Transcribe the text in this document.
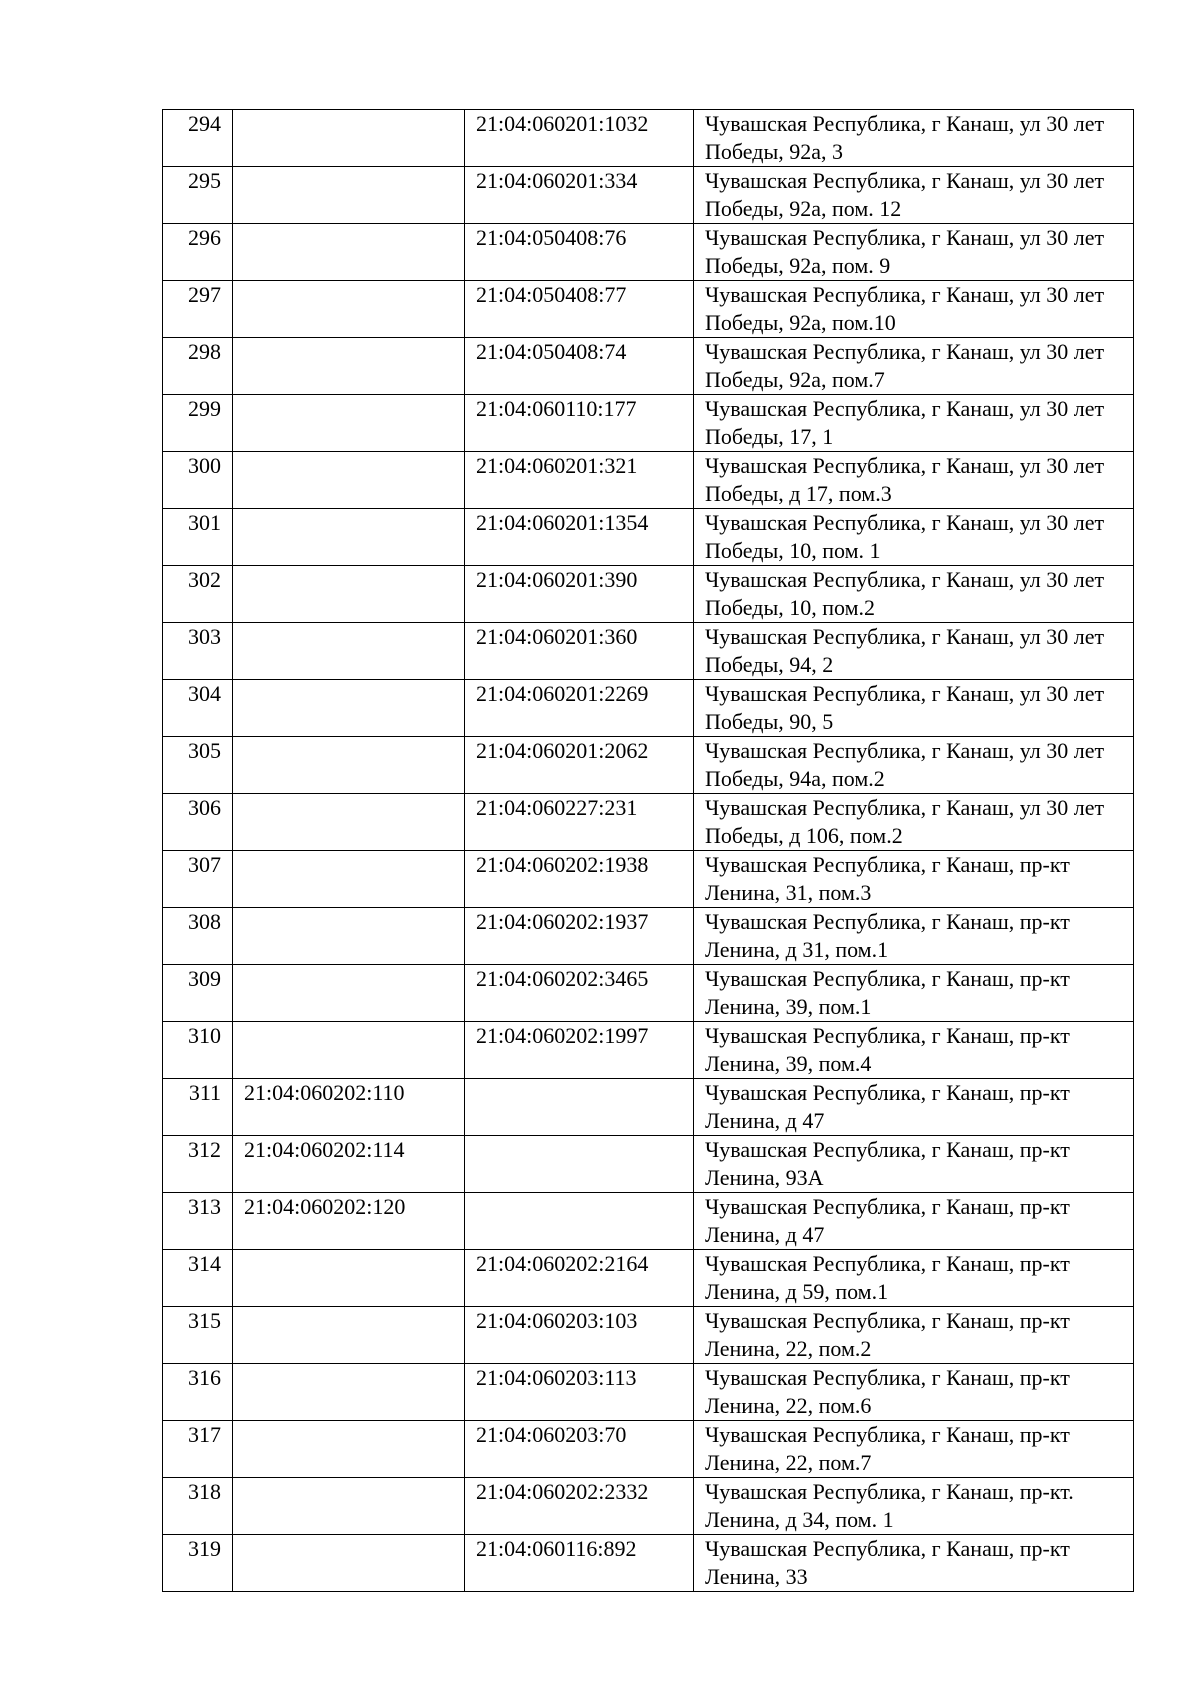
294		21:04:060201:1032	Чувашская Республика, г Канаш, ул 30 лет Победы, 92а, 3

295		21:04:060201:334	Чувашская Республика, г Канаш, ул 30 лет Победы, 92а, пом. 12

296		21:04:050408:76	Чувашская Республика, г Канаш, ул 30 лет Победы, 92а, пом. 9

297		21:04:050408:77	Чувашская Республика, г Канаш, ул 30 лет Победы, 92а, пом.10

298		21:04:050408:74	Чувашская Республика, г Канаш, ул 30 лет Победы, 92а, пом.7

299		21:04:060110:177	Чувашская Республика, г Канаш, ул 30 лет Победы, 17, 1

300		21:04:060201:321	Чувашская Республика, г Канаш, ул 30 лет Победы, д 17, пом.3

301		21:04:060201:1354	Чувашская Республика, г Канаш, ул 30 лет Победы, 10, пом. 1

302		21:04:060201:390	Чувашская Республика, г Канаш, ул 30 лет Победы, 10, пом.2

303		21:04:060201:360	Чувашская Республика, г Канаш, ул 30 лет Победы, 94, 2

304		21:04:060201:2269	Чувашская Республика, г Канаш, ул 30 лет Победы, 90, 5

305		21:04:060201:2062	Чувашская Республика, г Канаш, ул 30 лет Победы, 94а, пом.2

306		21:04:060227:231	Чувашская Республика, г Канаш, ул 30 лет Победы, д 106, пом.2

307		21:04:060202:1938	Чувашская Республика, г Канаш, пр-кт Ленина, 31, пом.3

308		21:04:060202:1937	Чувашская Республика, г Канаш, пр-кт Ленина, д 31, пом.1

309		21:04:060202:3465	Чувашская Республика, г Канаш, пр-кт Ленина, 39, пом.1

310		21:04:060202:1997	Чувашская Республика, г Канаш, пр-кт Ленина, 39, пом.4

311	21:04:060202:110		Чувашская Республика, г Канаш, пр-кт Ленина, д 47

312	21:04:060202:114		Чувашская Республика, г Канаш, пр-кт Ленина, 93А

313	21:04:060202:120		Чувашская Республика, г Канаш, пр-кт Ленина, д 47

314		21:04:060202:2164	Чувашская Республика, г Канаш, пр-кт Ленина, д 59, пом.1

315		21:04:060203:103	Чувашская Республика, г Канаш, пр-кт Ленина, 22, пом.2

316		21:04:060203:113	Чувашская Республика, г Канаш, пр-кт Ленина, 22, пом.6

317		21:04:060203:70	Чувашская Республика, г Канаш, пр-кт Ленина, 22, пом.7

318		21:04:060202:2332	Чувашская Республика, г Канаш, пр-кт. Ленина, д 34, пом. 1

319		21:04:060116:892	Чувашская Республика, г Канаш, пр-кт Ленина, 33
